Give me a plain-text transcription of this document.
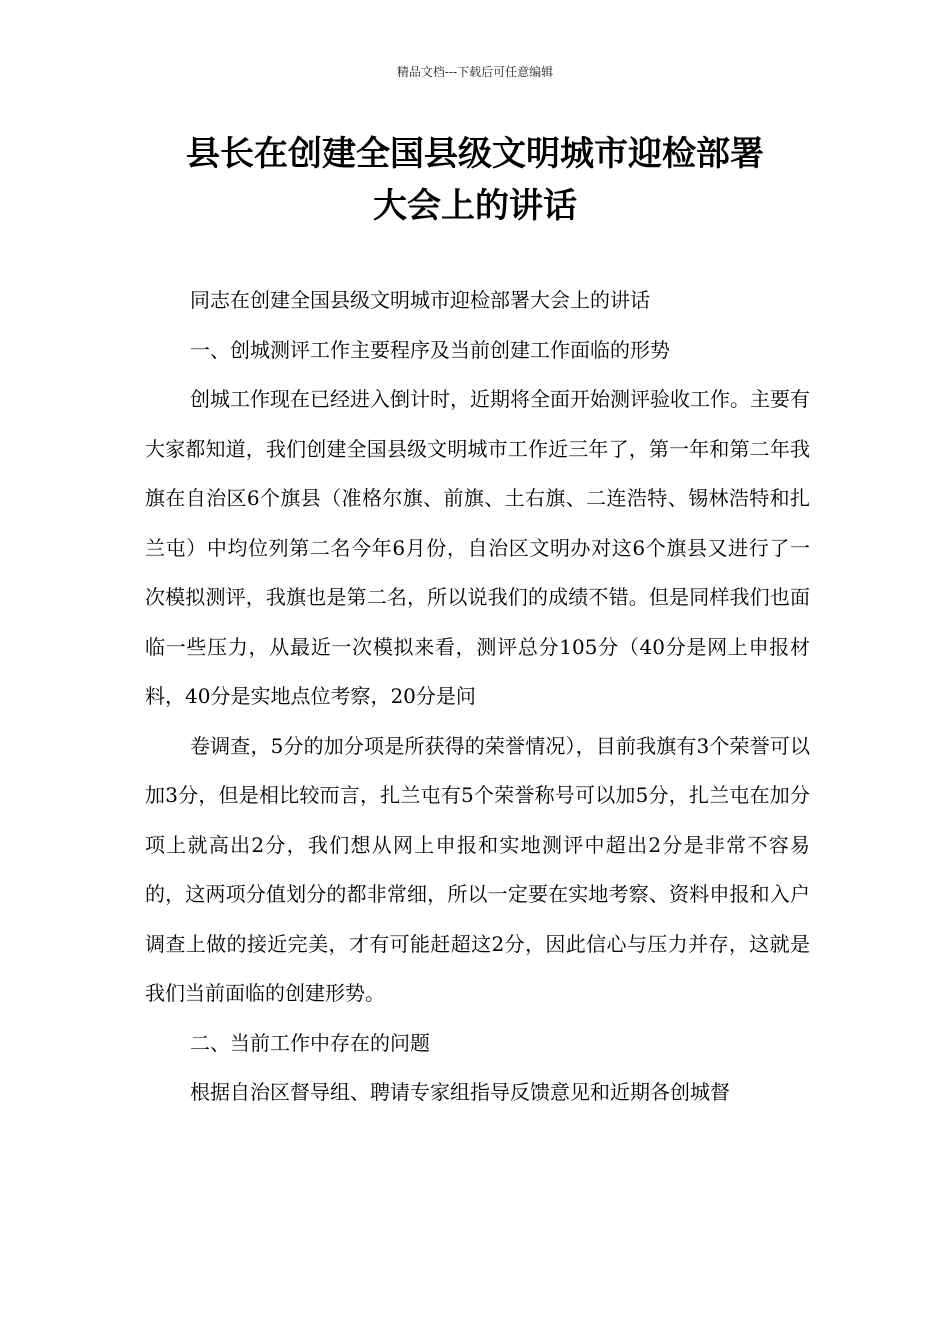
精品文档---下载后可任意编辑
县长在创建全国县级文明城市迎检部署
大会上的讲话

同志在创建全国县级文明城市迎检部署大会上的讲话

一、创城测评工作主要程序及当前创建工作面临的形势

创城工作现在已经进入倒计时，近期将全面开始测评验收工作。主要有大家都知道，我们创建全国县级文明城市工作近三年了，第一年和第二年我旗在自治区6个旗县（准格尔旗、前旗、土右旗、二连浩特、锡林浩特和扎兰屯）中均位列第二名今年6月份，自治区文明办对这6个旗县又进行了一次模拟测评，我旗也是第二名，所以说我们的成绩不错。但是同样我们也面临一些压力，从最近一次模拟来看，测评总分105分（40分是网上申报材料，40分是实地点位考察，20分是问

卷调查，5分的加分项是所获得的荣誉情况），目前我旗有3个荣誉可以加3分，但是相比较而言，扎兰屯有5个荣誉称号可以加5分，扎兰屯在加分项上就高出2分，我们想从网上申报和实地测评中超出2分是非常不容易的，这两项分值划分的都非常细，所以一定要在实地考察、资料申报和入户调查上做的接近完美，才有可能赶超这2分，因此信心与压力并存，这就是我们当前面临的创建形势。

二、当前工作中存在的问题

根据自治区督导组、聘请专家组指导反馈意见和近期各创城督
